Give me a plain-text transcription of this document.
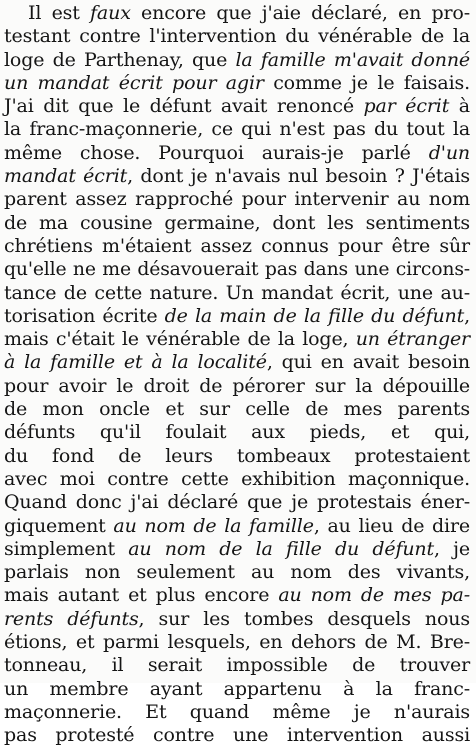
Il est faux encore que j'aie déclaré, en pro-
testant contre l'intervention du vénérable de la
loge de Parthenay, que la famille m'avait donné
un mandat écrit pour agir comme je le faisais.
J'ai dit que le défunt avait renoncé par écrit à
la franc-maçonnerie, ce qui n'est pas du tout la
même chose. Pourquoi aurais-je parlé d'un
mandat écrit, dont je n'avais nul besoin ? J'étais
parent assez rapproché pour intervenir au nom
de ma cousine germaine, dont les sentiments
chrétiens m'étaient assez connus pour être sûr
qu'elle ne me désavouerait pas dans une circons-
tance de cette nature. Un mandat écrit, une au-
torisation écrite de la main de la fille du défunt,
mais c'était le vénérable de la loge, un étranger
à la famille et à la localité, qui en avait besoin
pour avoir le droit de pérorer sur la dépouille
de mon oncle et sur celle de mes parents
défunts qu'il foulait aux pieds, et qui,
du fond de leurs tombeaux protestaient
avec moi contre cette exhibition maçonnique.
Quand donc j'ai déclaré que je protestais éner-
giquement au nom de la famille, au lieu de dire
simplement au nom de la fille du défunt, je
parlais non seulement au nom des vivants,
mais autant et plus encore au nom de mes pa-
rents défunts, sur les tombes desquels nous
étions, et parmi lesquels, en dehors de M. Bre-
tonneau, il serait impossible de trouver
un membre ayant appartenu à la franc-
maçonnerie. Et quand même je n'aurais
pas protesté contre une intervention aussi
